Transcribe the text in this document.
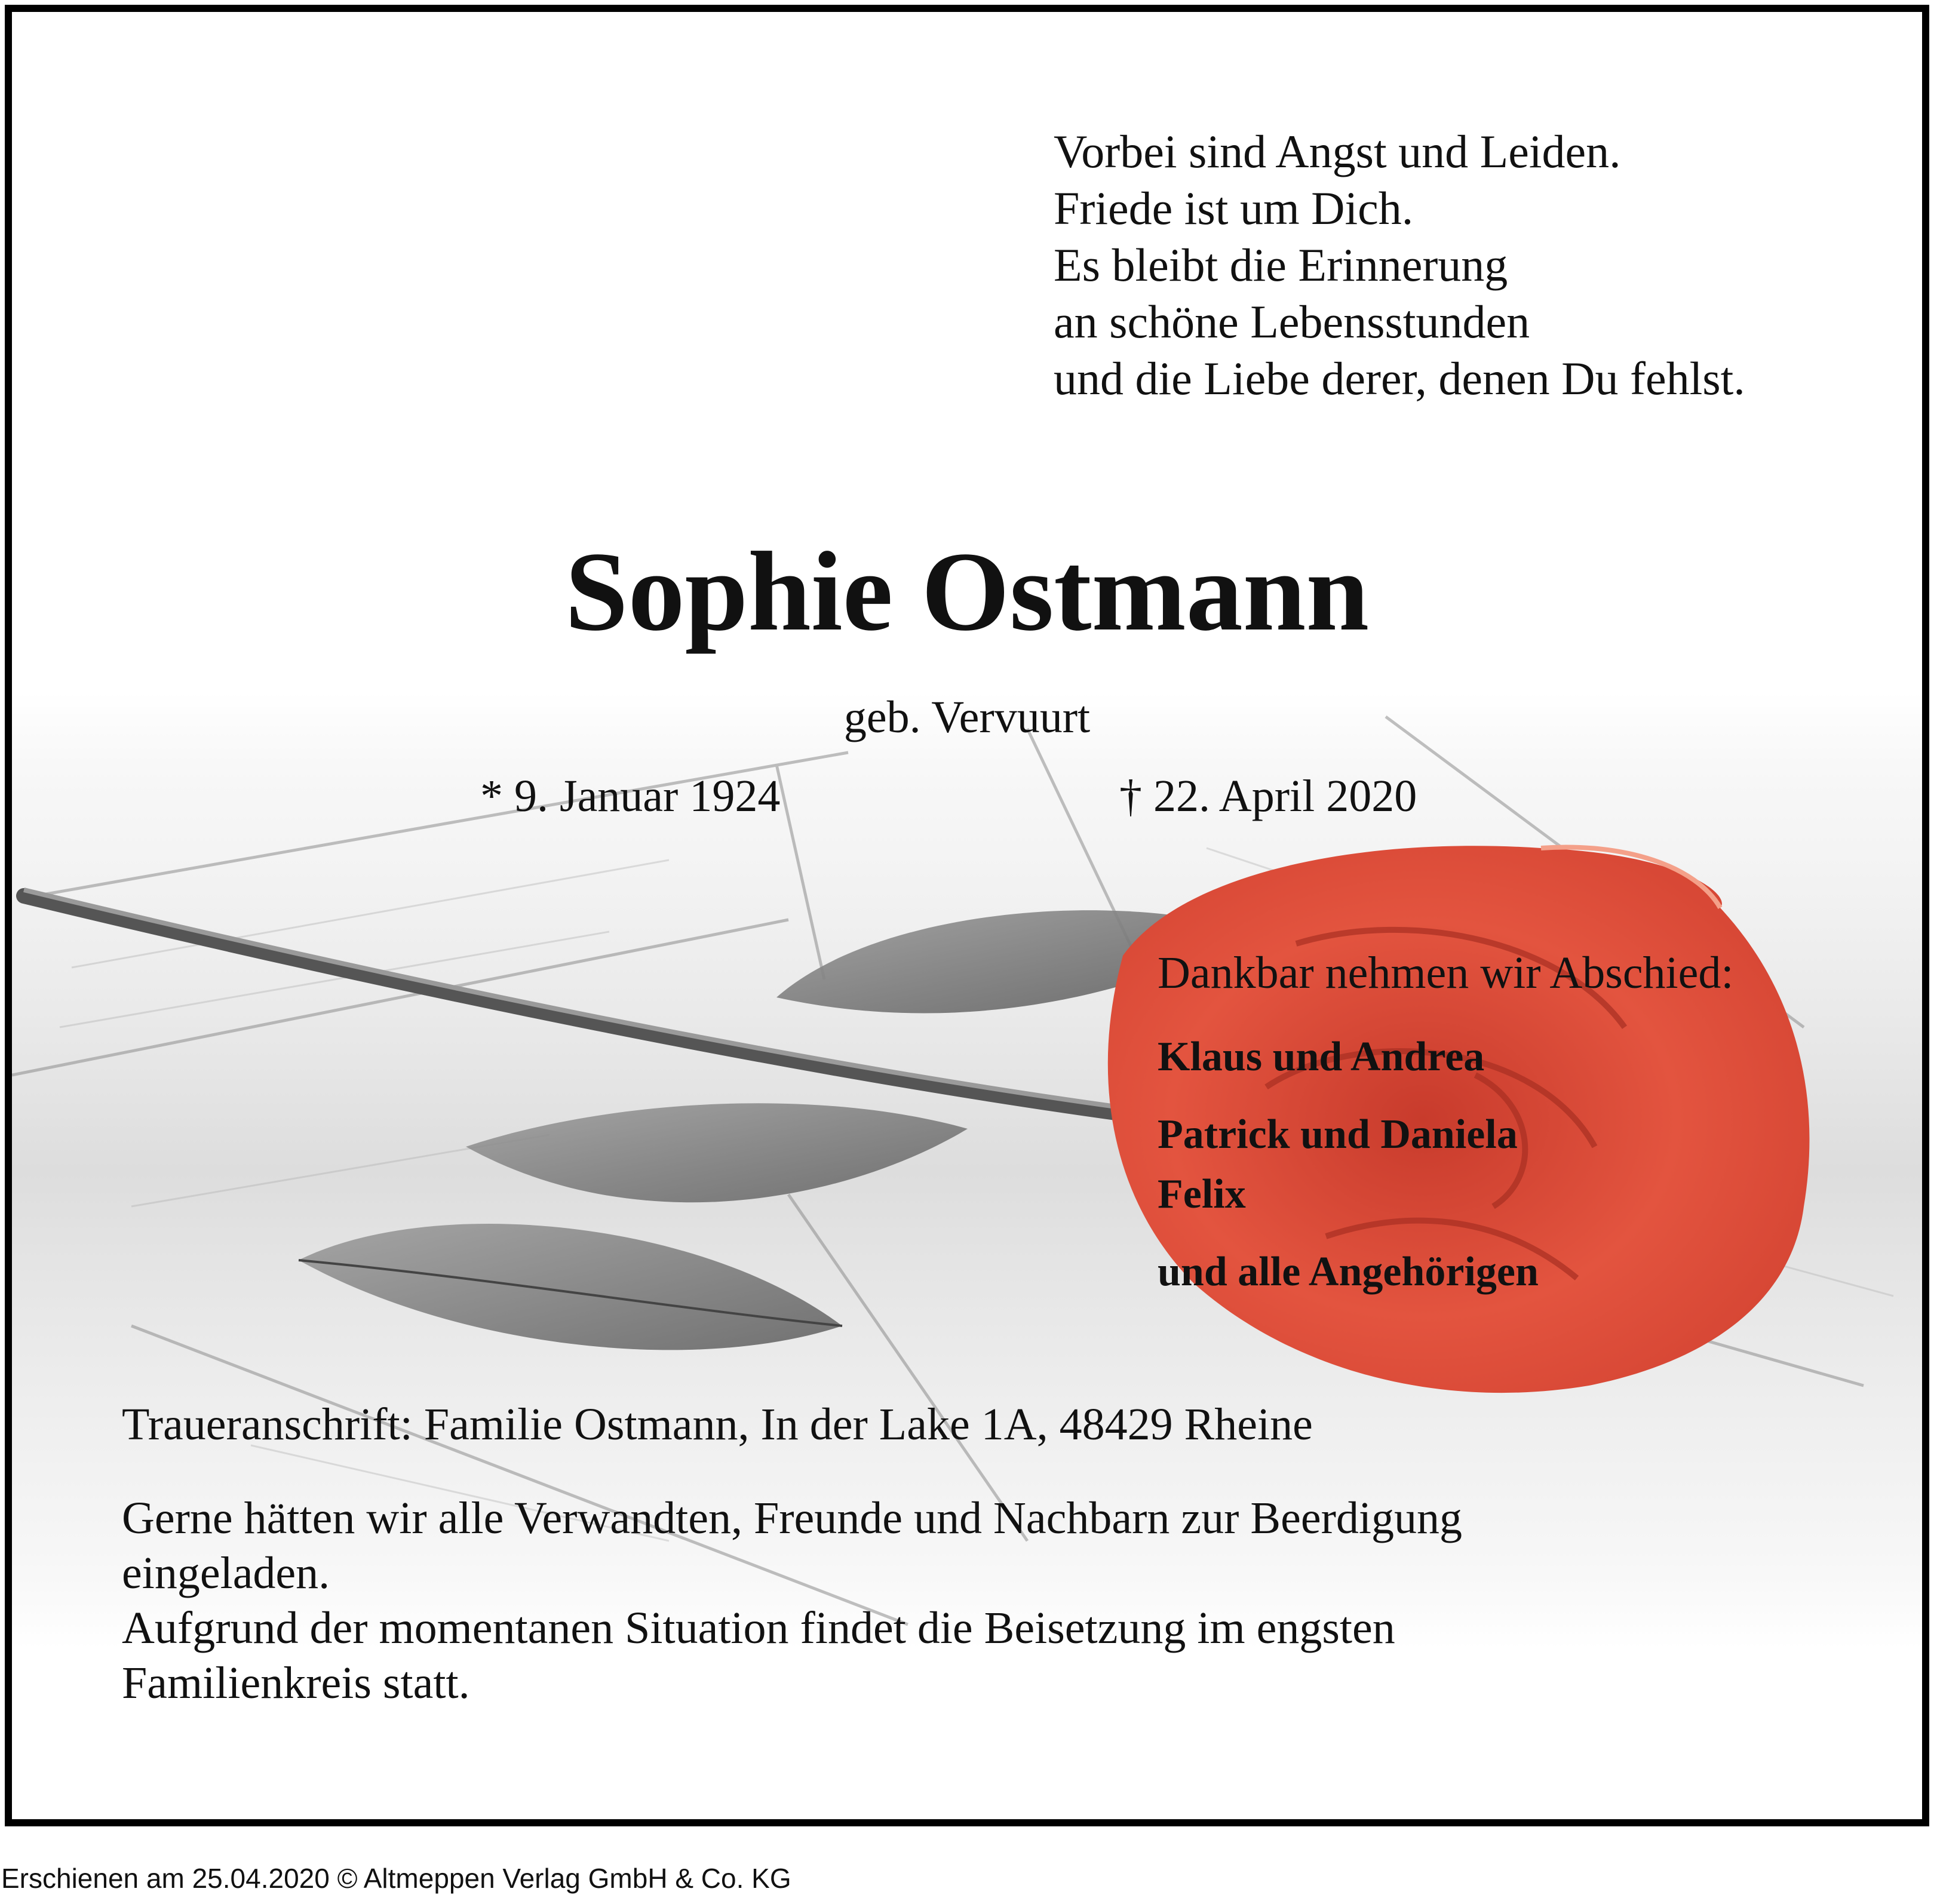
Vorbei sind Angst und Leiden.
Friede ist um Dich.
Es bleibt die Erinnerung
an schöne Lebensstunden
und die Liebe derer, denen Du fehlst.
Sophie Ostmann
geb. Vervuurt
* 9. Januar 1924	† 22. April 2020
Dankbar nehmen wir Abschied:
Klaus und Andrea
Patrick und Daniela
Felix
und alle Angehörigen
Traueranschrift: Familie Ostmann, In der Lake 1A, 48429 Rheine
Gerne hätten wir alle Verwandten, Freunde und Nachbarn zur Beerdigung
eingeladen.
Aufgrund der momentanen Situation findet die Beisetzung im engsten
Familienkreis statt.
Erschienen am 25.04.2020 © Altmeppen Verlag GmbH & Co. KG
